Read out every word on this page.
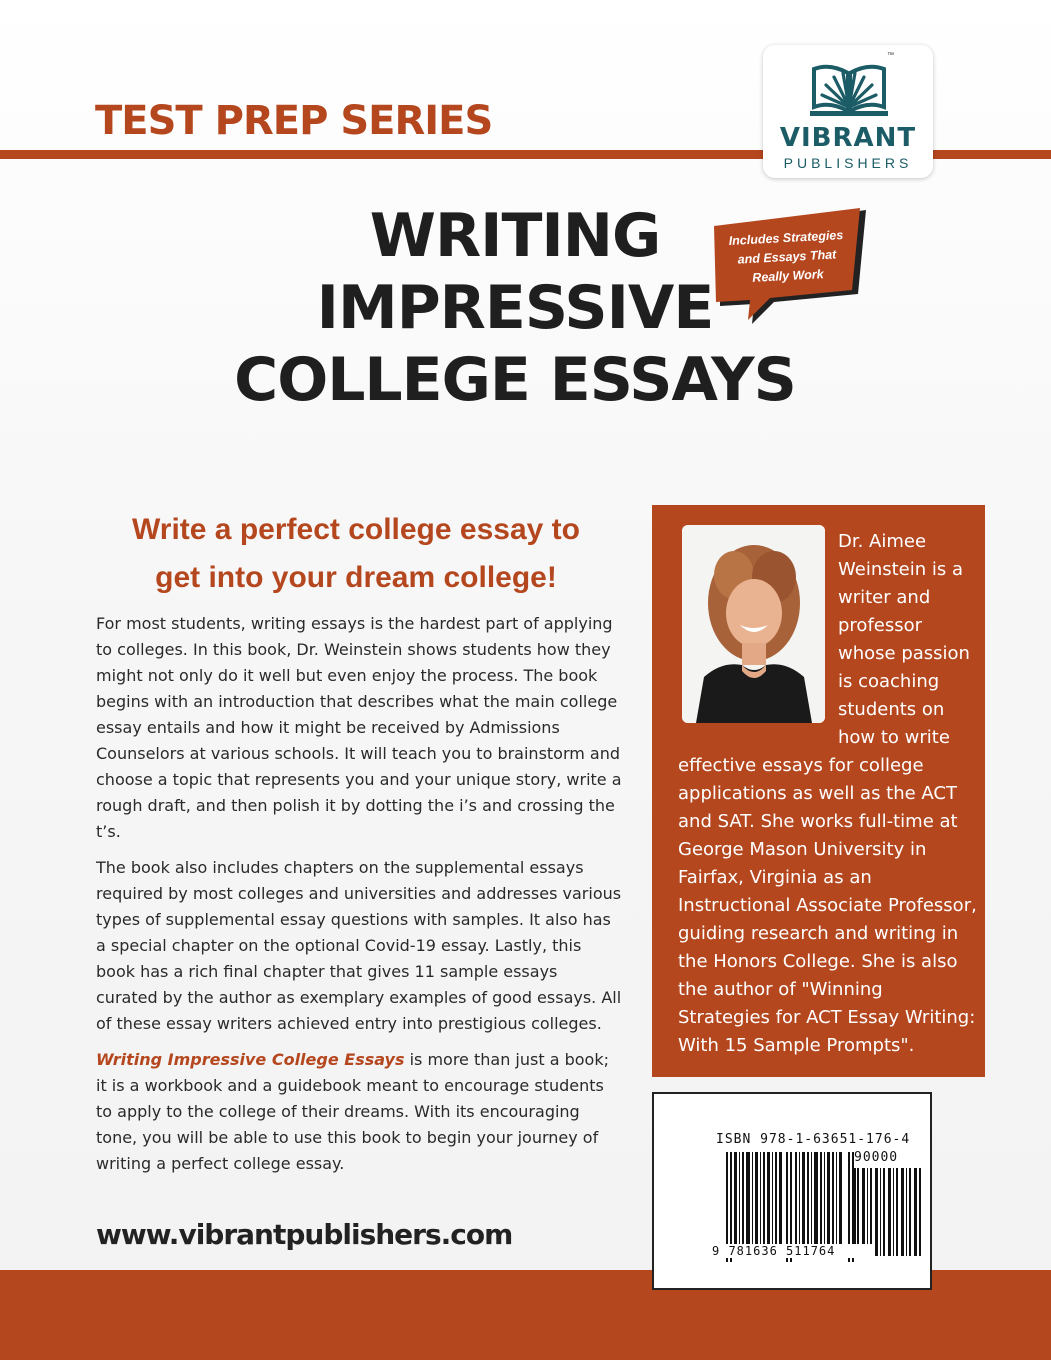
TEST PREP SERIES
™
VIBRANT
PUBLISHERS
WRITING
IMPRESSIVE
COLLEGE ESSAYS
Includes Strategies
and Essays That
Really Work
Write a perfect college essay to
get into your dream college!

For most students, writing essays is the hardest part of applying to colleges. In this book, Dr. Weinstein shows students how they might not only do it well but even enjoy the process. The book begins with an introduction that describes what the main college essay entails and how it might be received by Admissions Counselors at various schools. It will teach you to brainstorm and choose a topic that represents you and your unique story, write a rough draft, and then polish it by dotting the i’s and crossing the t’s.

The book also includes chapters on the supplemental essays required by most colleges and universities and addresses various types of supplemental essay questions with samples. It also has a special chapter on the optional Covid-19 essay. Lastly, this book has a rich final chapter that gives 11 sample essays curated by the author as exemplary examples of good essays. All of these essay writers achieved entry into prestigious colleges.

Writing Impressive College Essays is more than just a book; it is a workbook and a guidebook meant to encourage students to apply to the college of their dreams. With its encouraging tone, you will be able to use this book to begin your journey of writing a perfect college essay.

Dr. Aimee Weinstein is a writer and professor whose passion is coaching students on how to write effective essays for college applications as well as the ACT and SAT. She works full-time at George Mason University in Fairfax, Virginia as an Instructional Associate Professor, guiding research and writing in the Honors College. She is also the author of "Winning Strategies for ACT Essay Writing: With 15 Sample Prompts".
www.vibrantpublishers.com
ISBN 978-1-63651-176-4
90000
9 781636 511764
